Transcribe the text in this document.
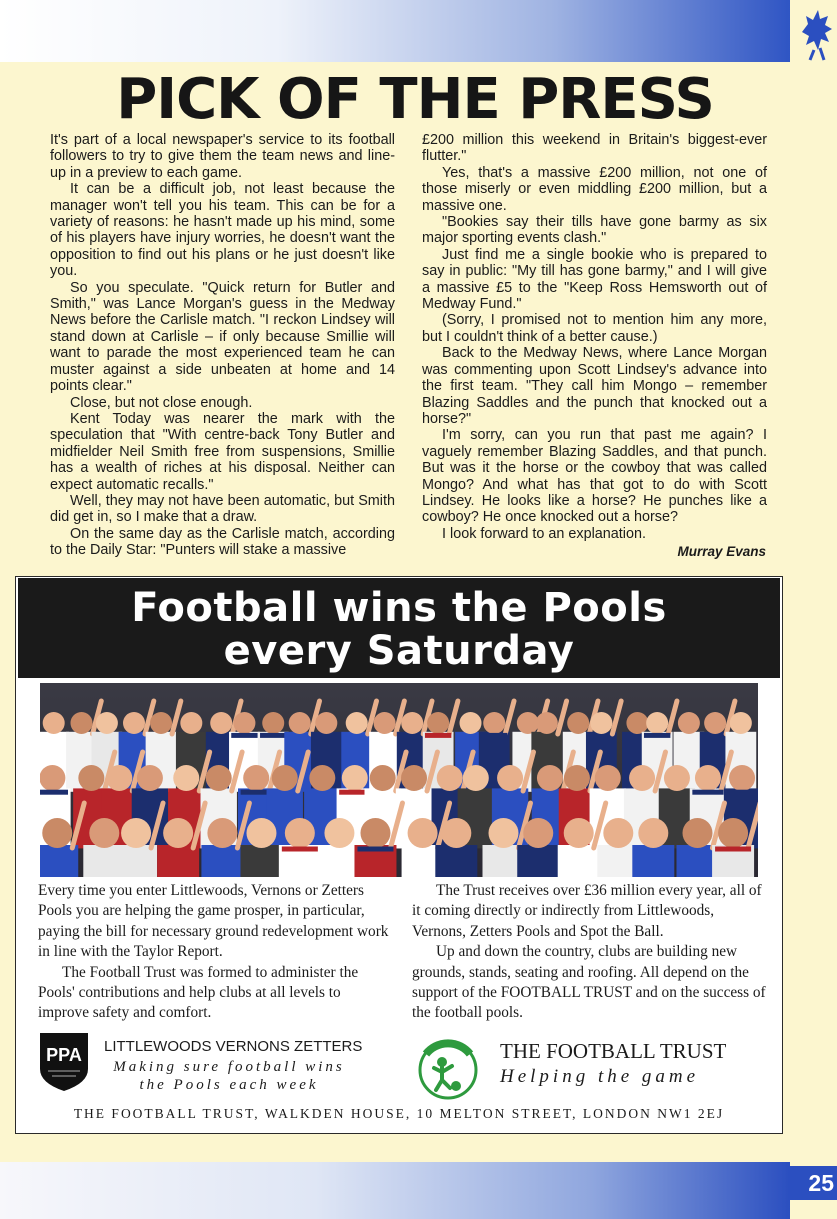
25
PICK OF THE PRESS

It's part of a local newspaper's service to its football followers to try to give them the team news and line-up in a preview to each game.

It can be a difficult job, not least because the manager won't tell you his team. This can be for a variety of reasons: he hasn't made up his mind, some of his players have injury worries, he doesn't want the opposition to find out his plans or he just doesn't like you.

So you speculate. "Quick return for Butler and Smith," was Lance Morgan's guess in the Medway News before the Carlisle match. "I reckon Lindsey will stand down at Carlisle – if only because Smillie will want to parade the most experienced team he can muster against a side unbeaten at home and 14 points clear."

Close, but not close enough.

Kent Today was nearer the mark with the speculation that "With centre-back Tony Butler and midfielder Neil Smith free from suspensions, Smillie has a wealth of riches at his disposal. Neither can expect automatic recalls."

Well, they may not have been automatic, but Smith did get in, so I make that a draw.

On the same day as the Carlisle match, according to the Daily Star: "Punters will stake a massive

£200 million this weekend in Britain's biggest-ever flutter."

Yes, that's a massive £200 million, not one of those miserly or even middling £200 million, but a massive one.

"Bookies say their tills have gone barmy as six major sporting events clash."

Just find me a single bookie who is prepared to say in public: "My till has gone barmy," and I will give a massive £5 to the "Keep Ross Hemsworth out of Medway Fund."

(Sorry, I promised not to mention him any more, but I couldn't think of a better cause.)

Back to the Medway News, where Lance Morgan was commenting upon Scott Lindsey's advance into the first team. "They call him Mongo – remember Blazing Saddles and the punch that knocked out a horse?"

I'm sorry, can you run that past me again? I vaguely remember Blazing Saddles, and that punch. But was it the horse or the cowboy that was called Mongo? And what has that got to do with Scott Lindsey. He looks like a horse? He punches like a cowboy? He once knocked out a horse?

I look forward to an explanation.

Murray Evans
Football wins the Pools
every Saturday

Every time you enter Littlewoods, Vernons or Zetters Pools you are helping the game prosper, in particular, paying the bill for necessary ground redevelopment work in line with the Taylor Report.

The Football Trust was formed to administer the Pools' contributions and help clubs at all levels to improve safety and comfort.

The Trust receives over £36 million every year, all of it coming directly or indirectly from Littlewoods, Vernons, Zetters Pools and Spot the Ball.

Up and down the country, clubs are building new grounds, stands, seating and roofing. All depend on the support of the FOOTBALL TRUST and on the success of the football pools.

PPA LITTLEWOODS VERNONS ZETTERS
Making sure football wins
the Pools each week
THE FOOTBALL TRUST
Helping the game
THE FOOTBALL TRUST, WALKDEN HOUSE, 10 MELTON STREET, LONDON NW1 2EJ
